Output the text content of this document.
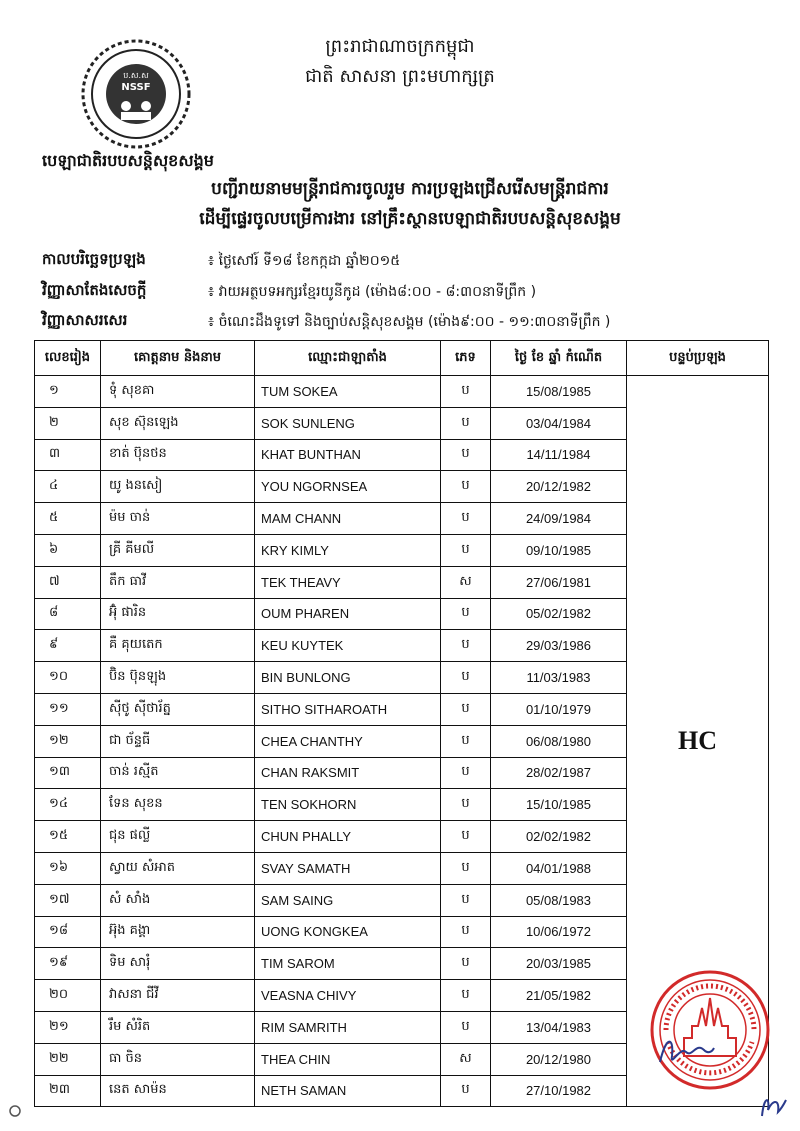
ប.ស.ស
NSSF
ព្រះរាជាណាចក្រកម្ពុជា
ជាតិ សាសនា ព្រះមហាក្សត្រ
បេឡាជាតិរបបសន្តិសុខសង្គម
បញ្ជីរាយនាមមន្ត្រីរាជការចូលរួម ការប្រឡងជ្រើសរើសមន្ត្រីរាជការ
ដើម្បីផ្ទេរចូលបម្រើការងារ នៅគ្រឹះស្ថានបេឡាជាតិរបបសន្តិសុខសង្គម
កាលបរិច្ឆេទប្រឡង	៖ ថ្ងៃសៅរ៍ ទី១៨ ខែកក្កដា ឆ្នាំ២០១៥
វិញ្ញាសាតែងសេចក្ដី	៖ វាយអត្ថបទអក្សរខ្មែរយូនីកូដ (ម៉ោង៨:០០ - ៨:៣០នាទីព្រឹក )
វិញ្ញាសាសរសេរ	៖ ចំណេះដឹងទូទៅ និងច្បាប់សន្តិសុខសង្គម (ម៉ោង៩:០០ - ១១:៣០នាទីព្រឹក )
លេខរៀង	គោត្តនាម និងនាម	ឈ្មោះជាឡាតាំង	ភេទ	ថ្ងៃ ខែ ឆ្នាំ កំណើត	បន្ទប់ប្រឡង
១	ទុំ សុខគា	TUM SOKEA	ប	15/08/1985	HC
២	សុខ ស៊ុនឡេង	SOK SUNLENG	ប	03/04/1984	
៣	ខាត់ ប៊ុនថន	KHAT BUNTHAN	ប	14/11/1984	
៤	យូ ងនសៀ	YOU NGORNSEA	ប	20/12/1982	
៥	ម៉ម ចាន់	MAM CHANN	ប	24/09/1984	
៦	គ្រី គីមលី	KRY KIMLY	ប	09/10/1985	
៧	តឹក ធាវី	TEK THEAVY	ស	27/06/1981	
៨	អ៊ុំ ផារិន	OUM PHAREN	ប	05/02/1982	
៩	គឺ គុយតេក	KEU KUYTEK	ប	29/03/1986	
១០	ប៊ិន ប៊ុនឡុង	BIN BUNLONG	ប	11/03/1983	
១១	ស៊ីថូ ស៊ីថារ័ត្ន	SITHO SITHAROATH	ប	01/10/1979	
១២	ជា ច័ន្ទធី	CHEA CHANTHY	ប	06/08/1980	
១៣	ចាន់ រស្មីត	CHAN RAKSMIT	ប	28/02/1987	
១៤	ទែន សុខន	TEN SOKHORN	ប	15/10/1985	
១៥	ជុន ផល្លី	CHUN PHALLY	ប	02/02/1982	
១៦	ស្វាយ សំអាត	SVAY SAMATH	ប	04/01/1988	
១៧	សំ សាំង	SAM SAING	ប	05/08/1983	
១៨	អ៊ុង គង្គា	UONG KONGKEA	ប	10/06/1972	
១៩	ទិម សារុំ	TIM SAROM	ប	20/03/1985	
២០	វាសនា ជីវី	VEASNA CHIVY	ប	21/05/1982	
២១	រឹម សំរិត	RIM SAMRITH	ប	13/04/1983	
២២	ធា ចិន	THEA CHIN	ស	20/12/1980	
២៣	នេត សាម៉ន	NETH SAMAN	ប	27/10/1982	
